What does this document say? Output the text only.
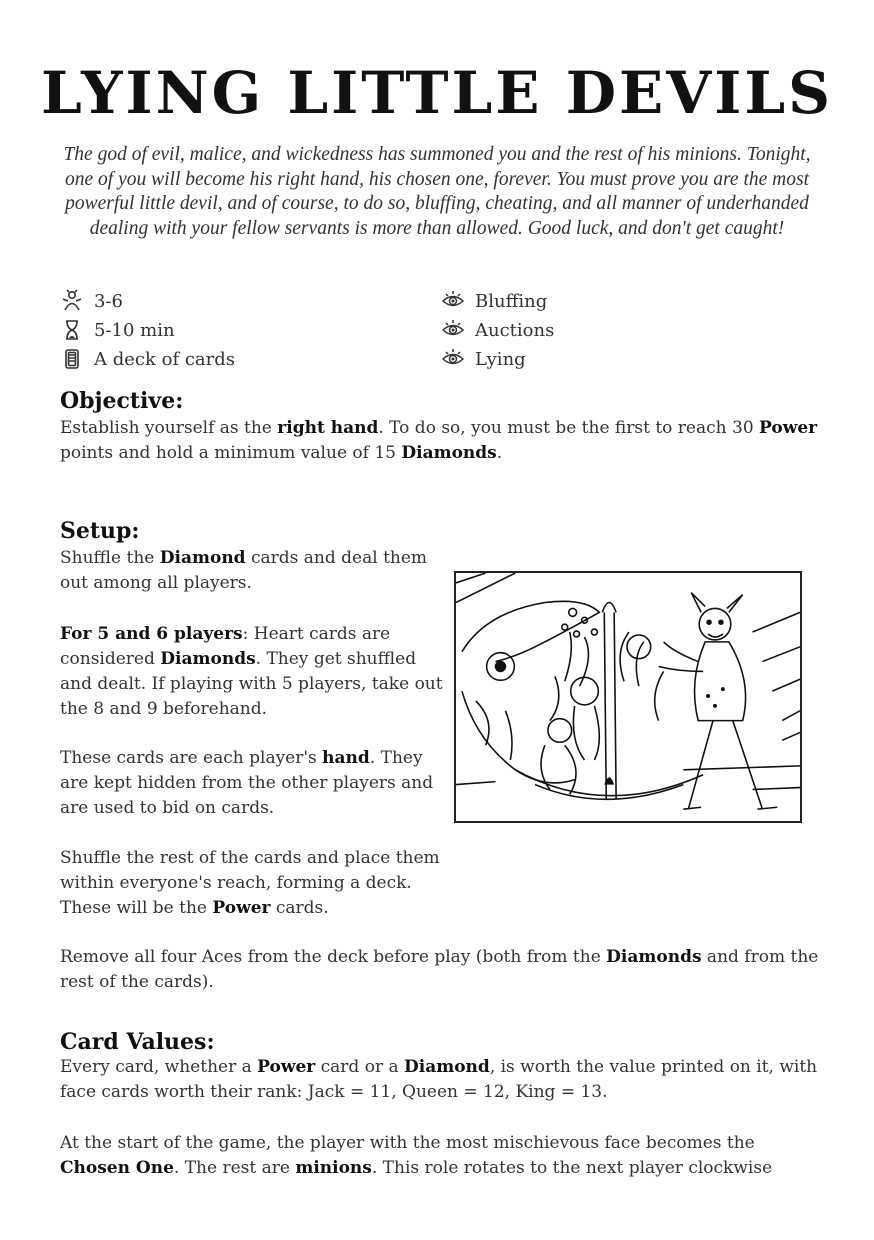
LYING LITTLE DEVILS
The god of evil, malice, and wickedness has summoned you and the rest of his minions. Tonight, one of you will become his right hand, his chosen one, forever. You must prove you are the most powerful little devil, and of course, to do so, bluffing, cheating, and all manner of underhanded dealing with your fellow servants is more than allowed. Good luck, and don't get caught!
3-6
5-10 min
A deck of cards
Bluffing
Auctions
Lying
Objective:

Establish yourself as the right hand. To do so, you must be the first to reach 30 Power points and hold a minimum value of 15 Diamonds.

Setup:

Shuffle the Diamond cards and deal them out among all players.

For 5 and 6 players: Heart cards are considered Diamonds. They get shuffled and dealt. If playing with 5 players, take out the 8 and 9 beforehand.

These cards are each player's hand. They are kept hidden from the other players and are used to bid on cards.

Shuffle the rest of the cards and place them within everyone's reach, forming a deck. These will be the Power cards.

Remove all four Aces from the deck before play (both from the Diamonds and from the rest of the cards).

Card Values:

Every card, whether a Power card or a Diamond, is worth the value printed on it, with face cards worth their rank: Jack = 11, Queen = 12, King = 13.

At the start of the game, the player with the most mischievous face becomes the Chosen One. The rest are minions. This role rotates to the next player clockwise
